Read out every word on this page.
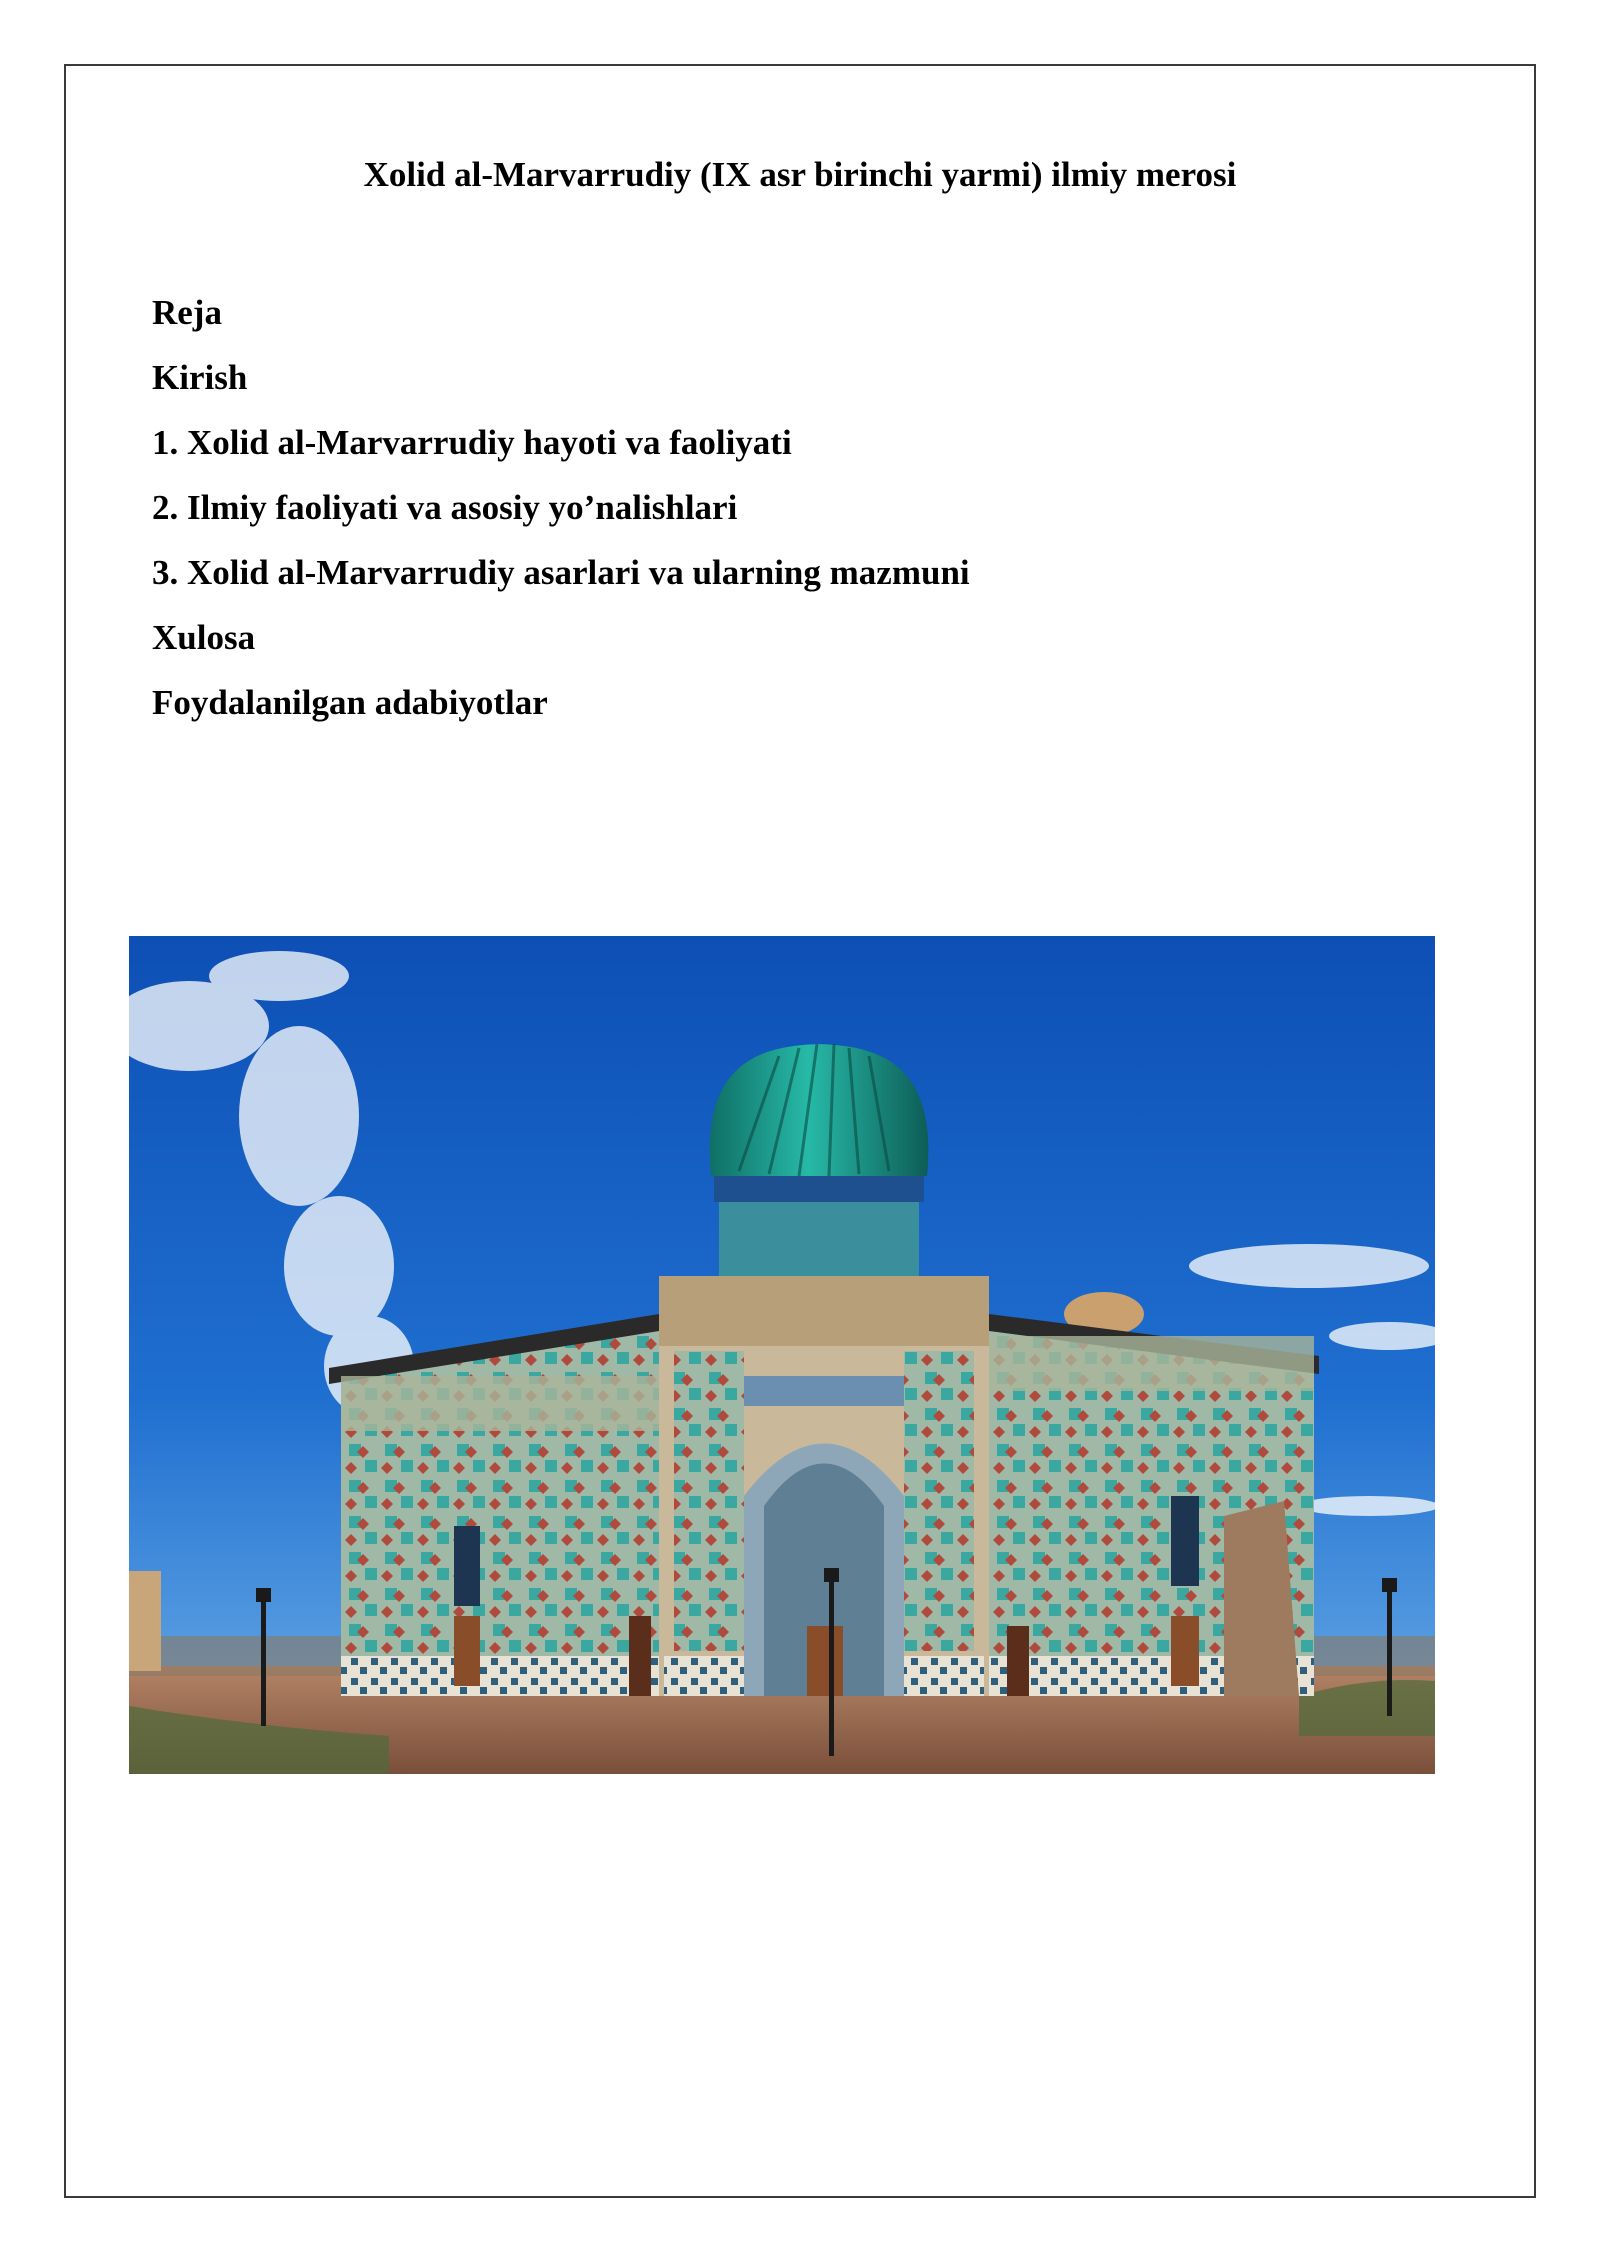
Xolid al-Marvarrudiy (IX asr birinchi yarmi) ilmiy merosi
Reja
Kirish
1. Xolid al-Marvarrudiy hayoti va faoliyati
2. Ilmiy faoliyati va asosiy yo’nalishlari
3. Xolid al-Marvarrudiy asarlari va ularning mazmuni
Xulosa
Foydalanilgan adabiyotlar
